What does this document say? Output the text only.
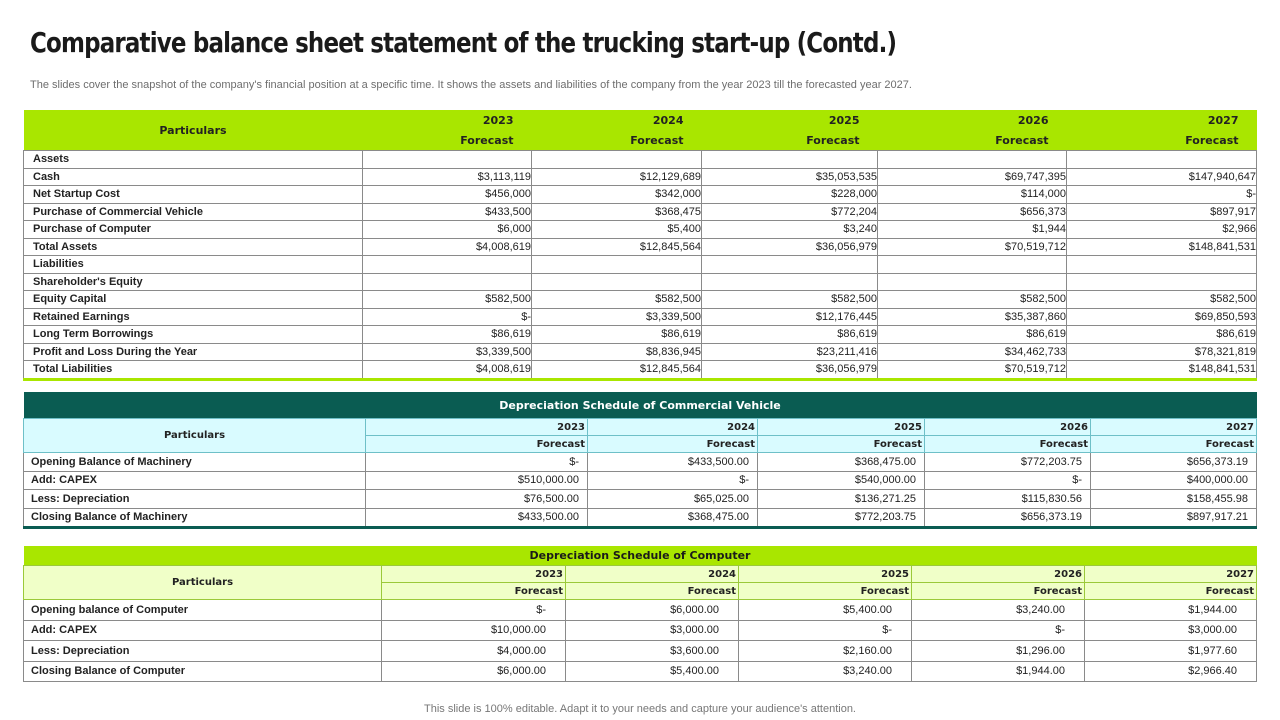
Comparative balance sheet statement of the trucking start-up (Contd.)
The slides cover the snapshot of the company's financial position at a specific time. It shows the assets and liabilities of the company from the year 2023 till the forecasted year 2027.
Particulars	2023	2024	2025	2026	2027
	Forecast	Forecast	Forecast	Forecast	Forecast
Assets					
Cash	$3,113,119	$12,129,689	$35,053,535	$69,747,395	$147,940,647
Net Startup Cost	$456,000	$342,000	$228,000	$114,000	$-
Purchase of Commercial Vehicle	$433,500	$368,475	$772,204	$656,373	$897,917
Purchase of Computer	$6,000	$5,400	$3,240	$1,944	$2,966
Total Assets	$4,008,619	$12,845,564	$36,056,979	$70,519,712	$148,841,531
Liabilities					
Shareholder's Equity					
Equity Capital	$582,500	$582,500	$582,500	$582,500	$582,500
Retained Earnings	$-	$3,339,500	$12,176,445	$35,387,860	$69,850,593
Long Term Borrowings	$86,619	$86,619	$86,619	$86,619	$86,619
Profit and Loss During the Year	$3,339,500	$8,836,945	$23,211,416	$34,462,733	$78,321,819
Total Liabilities	$4,008,619	$12,845,564	$36,056,979	$70,519,712	$148,841,531
Depreciation Schedule of Commercial Vehicle					
Particulars	2023	2024	2025	2026	2027
	Forecast	Forecast	Forecast	Forecast	Forecast
Opening Balance of Machinery	$-	$433,500.00	$368,475.00	$772,203.75	$656,373.19
Add: CAPEX	$510,000.00	$-	$540,000.00	$-	$400,000.00
Less: Depreciation	$76,500.00	$65,025.00	$136,271.25	$115,830.56	$158,455.98
Closing Balance of Machinery	$433,500.00	$368,475.00	$772,203.75	$656,373.19	$897,917.21
Depreciation Schedule of Computer					
Particulars	2023	2024	2025	2026	2027
	Forecast	Forecast	Forecast	Forecast	Forecast
Opening balance of Computer	$-	$6,000.00	$5,400.00	$3,240.00	$1,944.00
Add: CAPEX	$10,000.00	$3,000.00	$-	$-	$3,000.00
Less: Depreciation	$4,000.00	$3,600.00	$2,160.00	$1,296.00	$1,977.60
Closing Balance of Computer	$6,000.00	$5,400.00	$3,240.00	$1,944.00	$2,966.40
This slide is 100% editable. Adapt it to your needs and capture your audience's attention.
